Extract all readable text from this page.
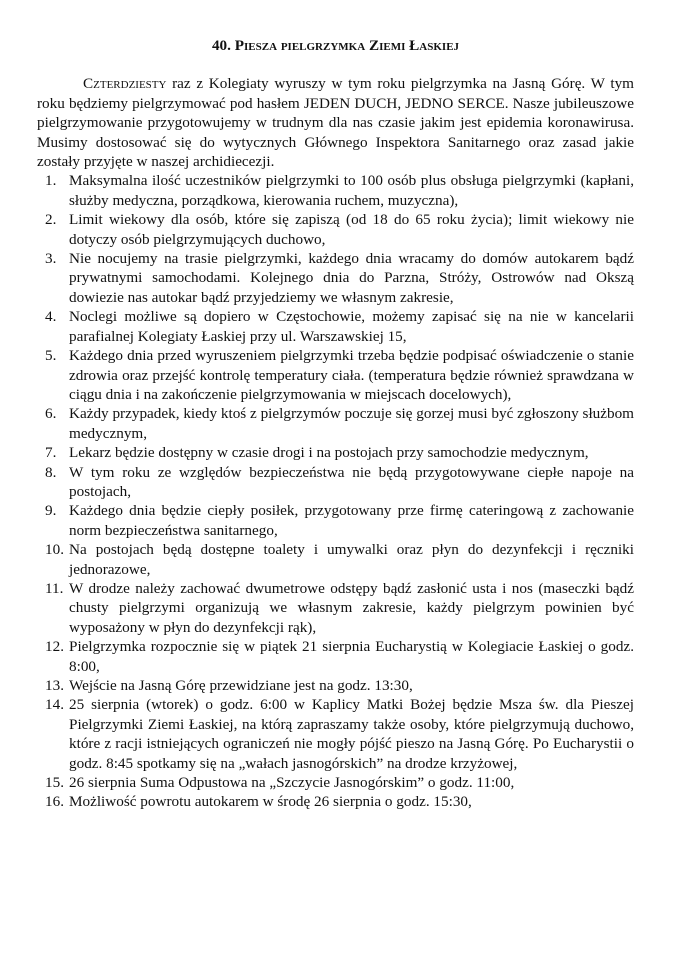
40. Piesza pielgrzymka Ziemi Łaskiej

Czterdziesty raz z Kolegiaty wyruszy w tym roku pielgrzymka na Jasną Górę. W tym roku będziemy pielgrzymować pod hasłem JEDEN DUCH, JEDNO SERCE. Nasze jubileuszowe pielgrzymowanie przygotowujemy w trudnym dla nas czasie jakim jest epidemia koronawirusa. Musimy dostosować się do wytycznych Głównego Inspektora Sanitarnego oraz zasad jakie zostały przyjęte w naszej archidiecezji.

1. Maksymalna ilość uczestników pielgrzymki to 100 osób plus obsługa pielgrzymki (kapłani, służby medyczna, porządkowa, kierowania ruchem, muzyczna),
2. Limit wiekowy dla osób, które się zapiszą (od 18 do 65 roku życia); limit wiekowy nie dotyczy osób pielgrzymujących duchowo,
3. Nie nocujemy na trasie pielgrzymki, każdego dnia wracamy do domów autokarem bądź prywatnymi samochodami. Kolejnego dnia do Parzna, Stróży, Ostrowów nad Okszą dowiezie nas autokar bądź przyjedziemy we własnym zakresie,
4. Noclegi możliwe są dopiero w Częstochowie, możemy zapisać się na nie w kancelarii parafialnej Kolegiaty Łaskiej przy ul. Warszawskiej 15,
5. Każdego dnia przed wyruszeniem pielgrzymki trzeba będzie podpisać oświadczenie o stanie zdrowia oraz przejść kontrolę temperatury ciała. (temperatura będzie również sprawdzana w ciągu dnia i na zakończenie pielgrzymowania w miejscach docelowych),
6. Każdy przypadek, kiedy ktoś z pielgrzymów poczuje się gorzej musi być zgłoszony służbom medycznym,
7. Lekarz będzie dostępny w czasie drogi i na postojach przy samochodzie medycznym,
8. W tym roku ze względów bezpieczeństwa nie będą przygotowywane ciepłe napoje na postojach,
9. Każdego dnia będzie ciepły posiłek, przygotowany prze firmę cateringową z zachowanie norm bezpieczeństwa sanitarnego,
10. Na postojach będą dostępne toalety i umywalki oraz płyn do dezynfekcji i ręczniki jednorazowe,
11. W drodze należy zachować dwumetrowe odstępy bądź zasłonić usta i nos (maseczki bądź chusty pielgrzymi organizują we własnym zakresie, każdy pielgrzym powinien być wyposażony w płyn do dezynfekcji rąk),
12. Pielgrzymka rozpocznie się w piątek 21 sierpnia Eucharystią w Kolegiacie Łaskiej o godz. 8:00,
13. Wejście na Jasną Górę przewidziane jest na godz. 13:30,
14. 25 sierpnia (wtorek) o godz. 6:00 w Kaplicy Matki Bożej będzie Msza św. dla Pieszej Pielgrzymki Ziemi Łaskiej, na którą zapraszamy także osoby, które pielgrzymują duchowo, które z racji istniejących ograniczeń nie mogły pójść pieszo na Jasną Górę. Po Eucharystii o godz. 8:45 spotkamy się na „wałach jasnogórskich” na drodze krzyżowej,
15. 26 sierpnia Suma Odpustowa na „Szczycie Jasnogórskim” o godz. 11:00,
16. Możliwość powrotu autokarem w środę 26 sierpnia o godz. 15:30,
